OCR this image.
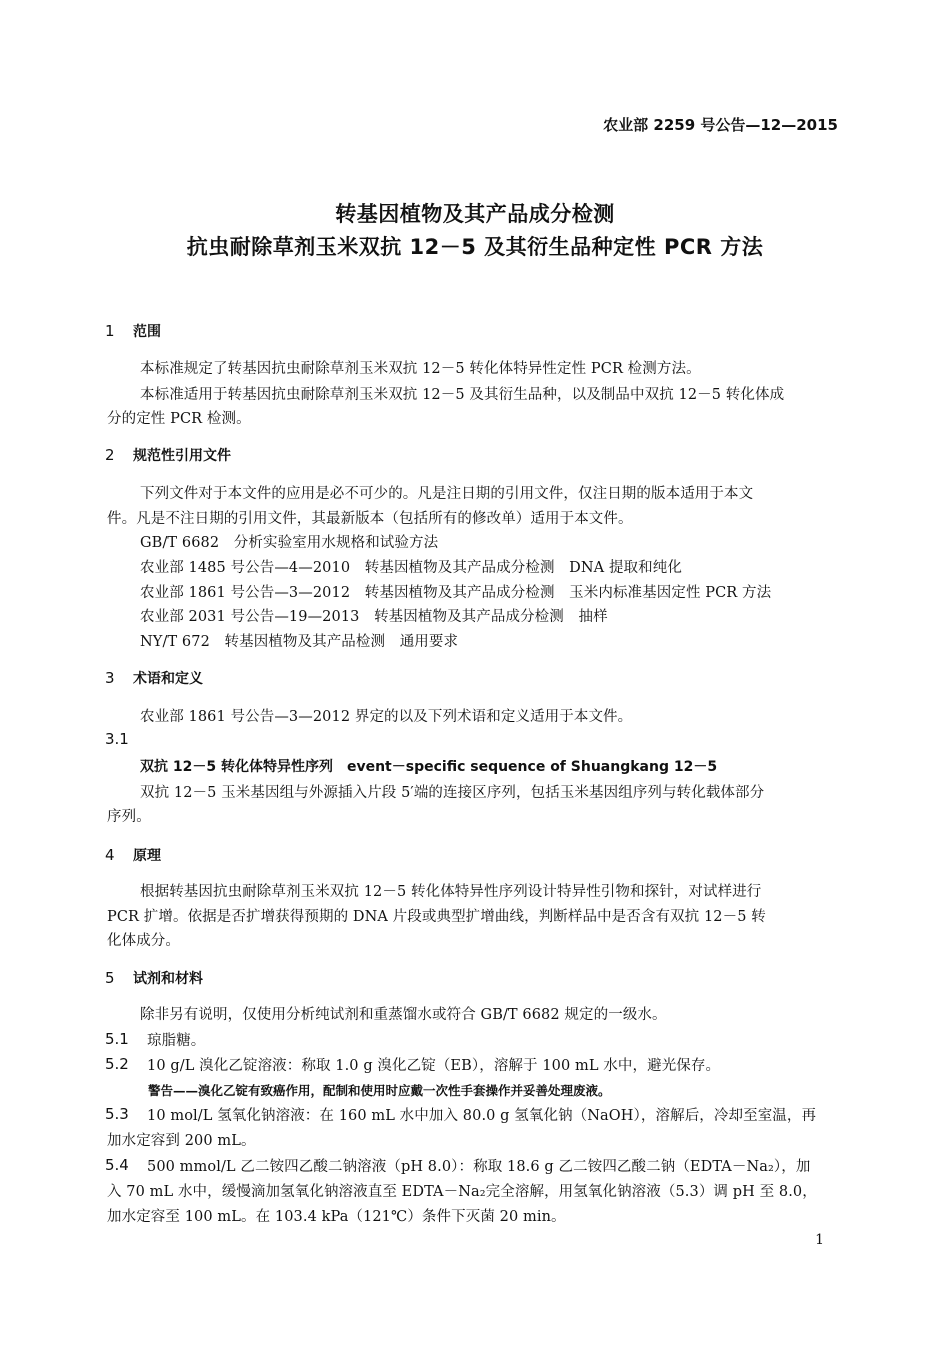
农业部 2259 号公告—12—2015
转基因植物及其产品成分检测
抗虫耐除草剂玉米双抗 12－5 及其衍生品种定性 PCR 方法
1 范围
本标准规定了转基因抗虫耐除草剂玉米双抗 12－5 转化体特异性定性 PCR 检测方法。
本标准适用于转基因抗虫耐除草剂玉米双抗 12－5 及其衍生品种，以及制品中双抗 12－5 转化体成
分的定性 PCR 检测。
2 规范性引用文件
下列文件对于本文件的应用是必不可少的。凡是注日期的引用文件，仅注日期的版本适用于本文
件。凡是不注日期的引用文件，其最新版本（包括所有的修改单）适用于本文件。
GB/T 6682　分析实验室用水规格和试验方法
农业部 1485 号公告—4—2010　转基因植物及其产品成分检测　DNA 提取和纯化
农业部 1861 号公告—3—2012　转基因植物及其产品成分检测　玉米内标准基因定性 PCR 方法
农业部 2031 号公告—19—2013　转基因植物及其产品成分检测　抽样
NY/T 672　转基因植物及其产品检测　通用要求
3 术语和定义
农业部 1861 号公告—3—2012 界定的以及下列术语和定义适用于本文件。
3.1
双抗 12－5 转化体特异性序列　event－specific sequence of Shuangkang 12－5
双抗 12－5 玉米基因组与外源插入片段 5′端的连接区序列，包括玉米基因组序列与转化载体部分
序列。
4 原理
根据转基因抗虫耐除草剂玉米双抗 12－5 转化体特异性序列设计特异性引物和探针，对试样进行
PCR 扩增。依据是否扩增获得预期的 DNA 片段或典型扩增曲线，判断样品中是否含有双抗 12－5 转
化体成分。
5 试剂和材料
除非另有说明，仅使用分析纯试剂和重蒸馏水或符合 GB/T 6682 规定的一级水。
5.1 琼脂糖。
5.2 10 g/L 溴化乙锭溶液：称取 1.0 g 溴化乙锭（EB），溶解于 100 mL 水中，避光保存。
警告——溴化乙锭有致癌作用，配制和使用时应戴一次性手套操作并妥善处理废液。
5.3 10 mol/L 氢氧化钠溶液：在 160 mL 水中加入 80.0 g 氢氧化钠（NaOH），溶解后，冷却至室温，再
加水定容到 200 mL。
5.4 500 mmol/L 乙二铵四乙酸二钠溶液（pH 8.0）：称取 18.6 g 乙二铵四乙酸二钠（EDTA－Na₂），加
入 70 mL 水中，缓慢滴加氢氧化钠溶液直至 EDTA－Na₂完全溶解，用氢氧化钠溶液（5.3）调 pH 至 8.0，
加水定容至 100 mL。在 103.4 kPa（121℃）条件下灭菌 20 min。
1
